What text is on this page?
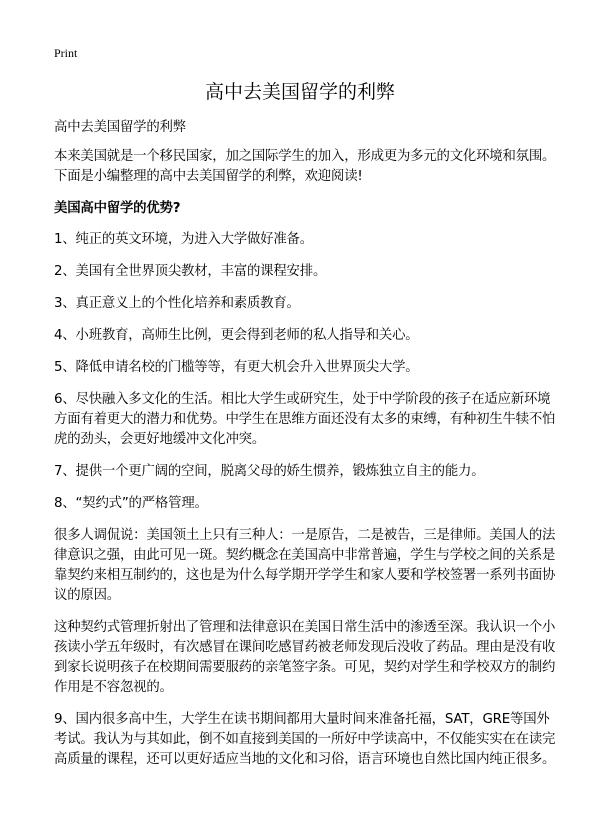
Print
高中去美国留学的利弊

高中去美国留学的利弊

本来美国就是一个移民国家，加之国际学生的加入，形成更为多元的文化环境和氛围。下面是小编整理的高中去美国留学的利弊，欢迎阅读!

美国高中留学的优势?

1、纯正的英文环境，为进入大学做好准备。

2、美国有全世界顶尖教材，丰富的课程安排。

3、真正意义上的个性化培养和素质教育。

4、小班教育，高师生比例，更会得到老师的私人指导和关心。

5、降低申请名校的门槛等等，有更大机会升入世界顶尖大学。

6、尽快融入多文化的生活。相比大学生或研究生，处于中学阶段的孩子在适应新环境方面有着更大的潜力和优势。中学生在思维方面还没有太多的束缚，有种初生牛犊不怕虎的劲头，会更好地缓冲文化冲突。

7、提供一个更广阔的空间，脱离父母的娇生惯养，锻炼独立自主的能力。

8、“契约式”的严格管理。

很多人调侃说：美国领土上只有三种人：一是原告，二是被告，三是律师。美国人的法律意识之强，由此可见一斑。契约概念在美国高中非常普遍，学生与学校之间的关系是靠契约来相互制约的，这也是为什么每学期开学学生和家人要和学校签署一系列书面协议的原因。

这种契约式管理折射出了管理和法律意识在美国日常生活中的渗透至深。我认识一个小孩读小学五年级时，有次感冒在课间吃感冒药被老师发现后没收了药品。理由是没有收到家长说明孩子在校期间需要服药的亲笔签字条。可见，契约对学生和学校双方的制约作用是不容忽视的。

9、国内很多高中生，大学生在读书期间都用大量时间来准备托福，SAT，GRE等国外考试。我认为与其如此，倒不如直接到美国的一所好中学读高中，不仅能实实在在读完高质量的课程，还可以更好适应当地的文化和习俗，语言环境也自然比国内纯正很多。
